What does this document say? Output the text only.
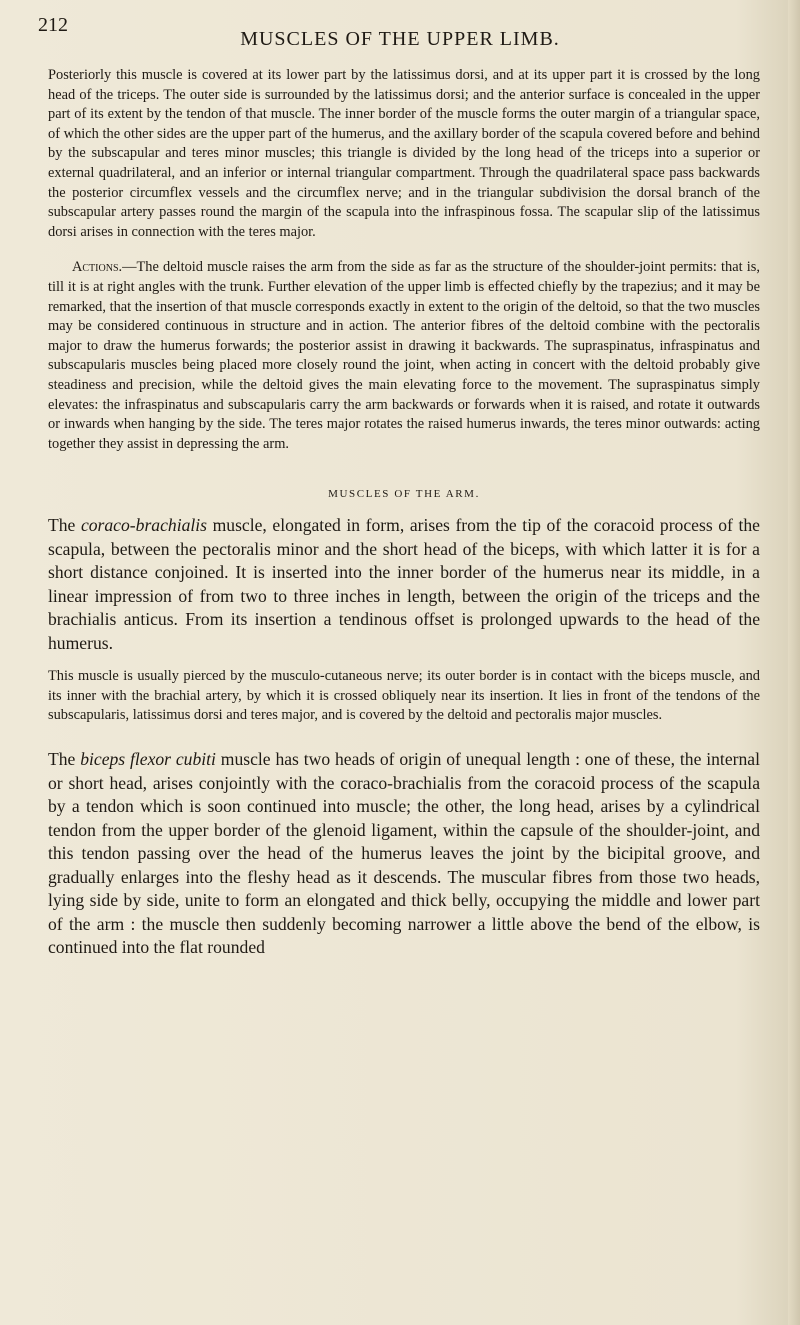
212
MUSCLES OF THE UPPER LIMB.

Posteriorly this muscle is covered at its lower part by the latissimus dorsi, and at its upper part it is crossed by the long head of the triceps. The outer side is surrounded by the latissimus dorsi; and the anterior surface is concealed in the upper part of its extent by the tendon of that muscle. The inner border of the muscle forms the outer margin of a triangular space, of which the other sides are the upper part of the humerus, and the axillary border of the scapula covered before and behind by the subscapular and teres minor muscles; this triangle is divided by the long head of the triceps into a superior or external quadrilateral, and an inferior or internal triangular compartment. Through the quadrilateral space pass backwards the posterior circumflex vessels and the circumflex nerve; and in the triangular subdivision the dorsal branch of the subscapular artery passes round the margin of the scapula into the infraspinous fossa. The scapular slip of the latissimus dorsi arises in connection with the teres major.

Actions.—The deltoid muscle raises the arm from the side as far as the structure of the shoulder-joint permits: that is, till it is at right angles with the trunk. Further elevation of the upper limb is effected chiefly by the trapezius; and it may be remarked, that the insertion of that muscle corresponds exactly in extent to the origin of the deltoid, so that the two muscles may be considered continuous in structure and in action. The anterior fibres of the deltoid combine with the pectoralis major to draw the humerus forwards; the posterior assist in drawing it backwards. The supraspinatus, infraspinatus and subscapularis muscles being placed more closely round the joint, when acting in concert with the deltoid probably give steadiness and precision, while the deltoid gives the main elevating force to the movement. The supraspinatus simply elevates: the infraspinatus and subscapularis carry the arm backwards or forwards when it is raised, and rotate it outwards or inwards when hanging by the side. The teres major rotates the raised humerus inwards, the teres minor outwards: acting together they assist in depressing the arm.

MUSCLES OF THE ARM.

The coraco-brachialis muscle, elongated in form, arises from the tip of the coracoid process of the scapula, between the pectoralis minor and the short head of the biceps, with which latter it is for a short distance conjoined. It is inserted into the inner border of the humerus near its middle, in a linear impression of from two to three inches in length, between the origin of the triceps and the brachialis anticus. From its insertion a tendinous offset is prolonged upwards to the head of the humerus.

This muscle is usually pierced by the musculo-cutaneous nerve; its outer border is in contact with the biceps muscle, and its inner with the brachial artery, by which it is crossed obliquely near its insertion. It lies in front of the tendons of the subscapularis, latissimus dorsi and teres major, and is covered by the deltoid and pectoralis major muscles.

The biceps flexor cubiti muscle has two heads of origin of unequal length : one of these, the internal or short head, arises conjointly with the coraco-brachialis from the coracoid process of the scapula by a tendon which is soon continued into muscle; the other, the long head, arises by a cylindrical tendon from the upper border of the glenoid ligament, within the capsule of the shoulder-joint, and this tendon passing over the head of the humerus leaves the joint by the bicipital groove, and gradually enlarges into the fleshy head as it descends. The muscular fibres from those two heads, lying side by side, unite to form an elongated and thick belly, occupying the middle and lower part of the arm : the muscle then suddenly becoming narrower a little above the bend of the elbow, is continued into the flat rounded
